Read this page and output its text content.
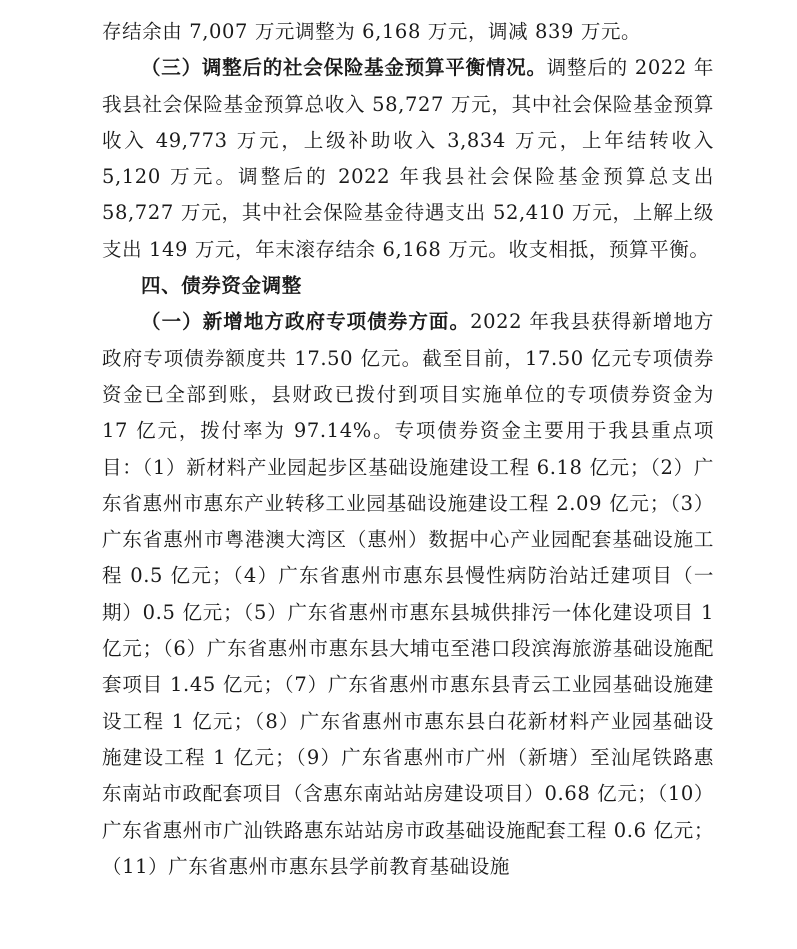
存结余由 7,007 万元调整为 6,168 万元，调减 839 万元。

（三）调整后的社会保险基金预算平衡情况。调整后的 2022 年我县社会保险基金预算总收入 58,727 万元，其中社会保险基金预算收入 49,773 万元，上级补助收入 3,834 万元，上年结转收入 5,120 万元。调整后的 2022 年我县社会保险基金预算总支出 58,727 万元，其中社会保险基金待遇支出 52,410 万元，上解上级支出 149 万元，年末滚存结余 6,168 万元。收支相抵，预算平衡。

四、债券资金调整

（一）新增地方政府专项债券方面。2022 年我县获得新增地方政府专项债券额度共 17.50 亿元。截至目前，17.50 亿元专项债券资金已全部到账，县财政已拨付到项目实施单位的专项债券资金为 17 亿元，拨付率为 97.14%。专项债券资金主要用于我县重点项目：（1）新材料产业园起步区基础设施建设工程 6.18 亿元；（2）广东省惠州市惠东产业转移工业园基础设施建设工程 2.09 亿元；（3）广东省惠州市粤港澳大湾区（惠州）数据中心产业园配套基础设施工程 0.5 亿元；（4）广东省惠州市惠东县慢性病防治站迁建项目（一期）0.5 亿元；（5）广东省惠州市惠东县城供排污一体化建设项目 1 亿元；（6）广东省惠州市惠东县大埔屯至港口段滨海旅游基础设施配套项目 1.45 亿元；（7）广东省惠州市惠东县青云工业园基础设施建设工程 1 亿元；（8）广东省惠州市惠东县白花新材料产业园基础设施建设工程 1 亿元；（9）广东省惠州市广州（新塘）至汕尾铁路惠东南站市政配套项目（含惠东南站站房建设项目）0.68 亿元；（10）广东省惠州市广汕铁路惠东站站房市政基础设施配套工程 0.6 亿元；（11）广东省惠州市惠东县学前教育基础设施
